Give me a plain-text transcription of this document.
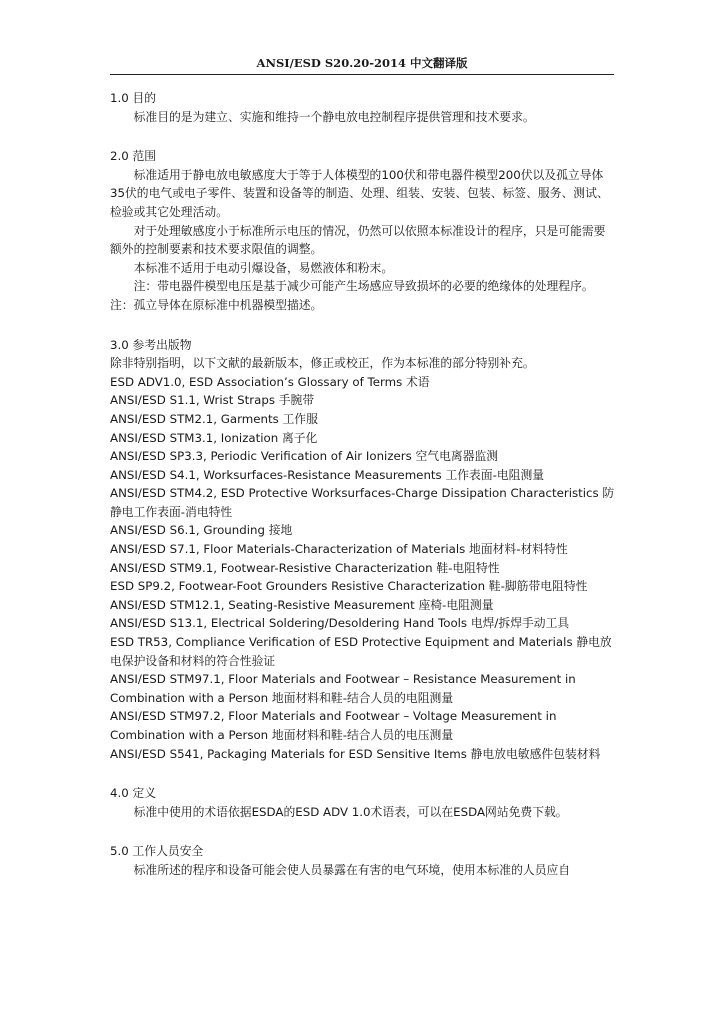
ANSI/ESD S20.20-2014 中文翻译版

1.0 目的

标准目的是为建立、实施和维持一个静电放电控制程序提供管理和技术要求。

2.0 范围

标准适用于静电放电敏感度大于等于人体模型的100伏和带电器件模型200伏以及孤立导体35伏的电气或电子零件、装置和设备等的制造、处理、组装、安装、包装、标签、服务、测试、检验或其它处理活动。

对于处理敏感度小于标准所示电压的情况，仍然可以依照本标准设计的程序，只是可能需要额外的控制要素和技术要求限值的调整。

本标准不适用于电动引爆设备，易燃液体和粉末。

注：带电器件模型电压是基于减少可能产生场感应导致损坏的必要的绝缘体的处理程序。

注：孤立导体在原标准中机器模型描述。

3.0 参考出版物

除非特别指明，以下文献的最新版本，修正或校正，作为本标准的部分特别补充。

ESD ADV1.0, ESD Association’s Glossary of Terms 术语

ANSI/ESD S1.1, Wrist Straps 手腕带

ANSI/ESD STM2.1, Garments 工作服

ANSI/ESD STM3.1, Ionization 离子化

ANSI/ESD SP3.3, Periodic Verification of Air Ionizers 空气电离器监测

ANSI/ESD S4.1, Worksurfaces-Resistance Measurements 工作表面-电阻测量

ANSI/ESD STM4.2, ESD Protective Worksurfaces-Charge Dissipation Characteristics 防静电工作表面-消电特性

ANSI/ESD S6.1, Grounding 接地

ANSI/ESD S7.1, Floor Materials-Characterization of Materials 地面材料-材料特性

ANSI/ESD STM9.1, Footwear-Resistive Characterization 鞋-电阻特性

ESD SP9.2, Footwear-Foot Grounders Resistive Characterization 鞋-脚筋带电阻特性

ANSI/ESD STM12.1, Seating-Resistive Measurement 座椅-电阻测量

ANSI/ESD S13.1, Electrical Soldering/Desoldering Hand Tools 电焊/拆焊手动工具

ESD TR53, Compliance Verification of ESD Protective Equipment and Materials 静电放电保护设备和材料的符合性验证

ANSI/ESD STM97.1, Floor Materials and Footwear – Resistance Measurement in Combination with a Person 地面材料和鞋-结合人员的电阻测量

ANSI/ESD STM97.2, Floor Materials and Footwear – Voltage Measurement in Combination with a Person 地面材料和鞋-结合人员的电压测量

ANSI/ESD S541, Packaging Materials for ESD Sensitive Items 静电放电敏感件包装材料

4.0 定义

标准中使用的术语依据ESDA的ESD ADV 1.0术语表，可以在ESDA网站免费下载。

5.0 工作人员安全

标准所述的程序和设备可能会使人员暴露在有害的电气环境，使用本标准的人员应自
